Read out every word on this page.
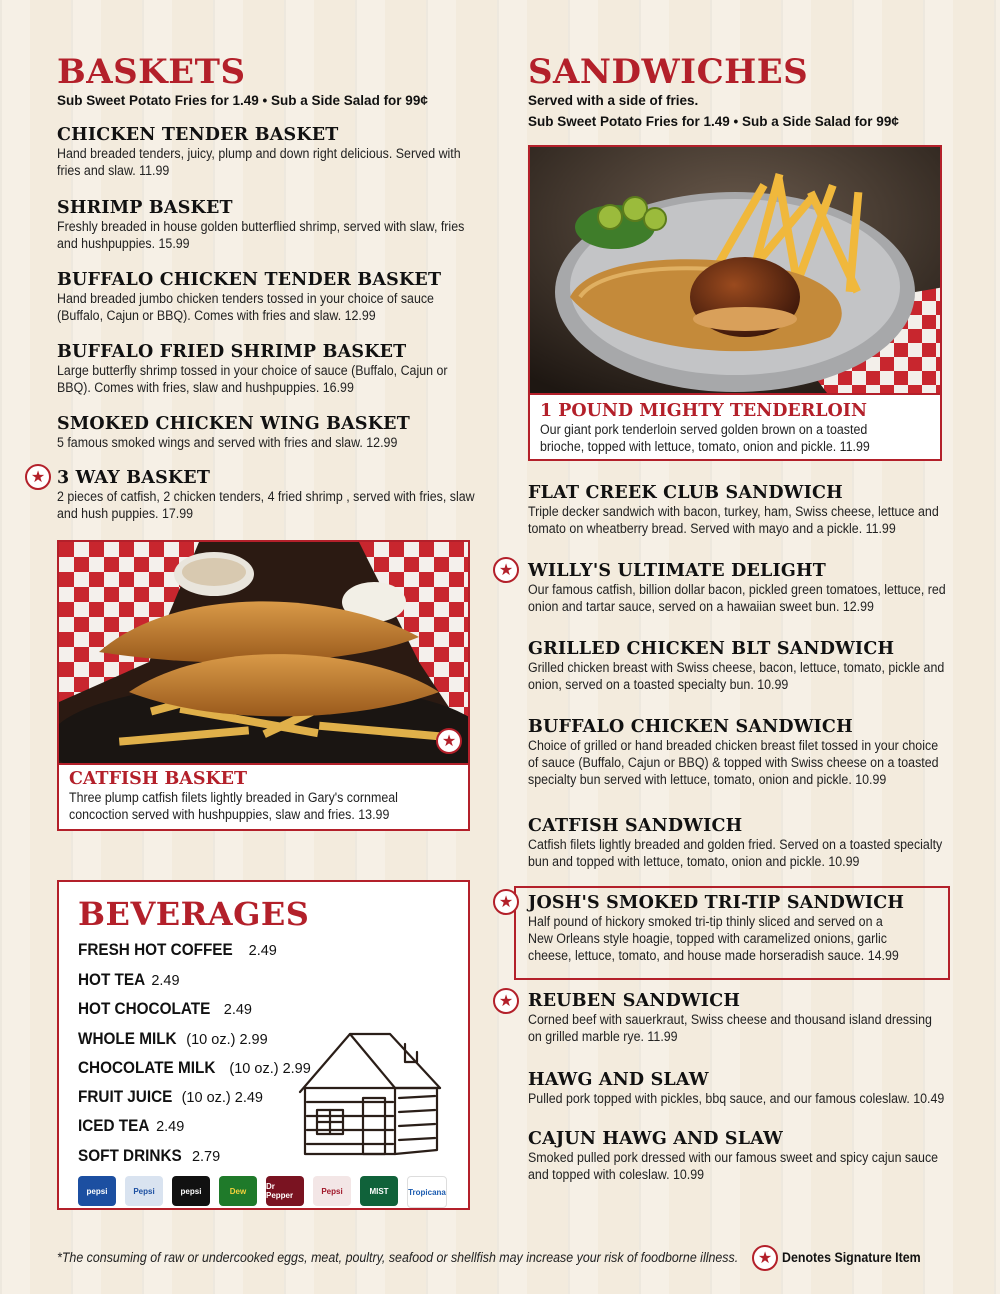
BASKETS
Sub Sweet Potato Fries for 1.49 • Sub a Side Salad for 99¢
CHICKEN TENDER BASKET

Hand breaded tenders, juicy, plump and down right delicious. Served with fries and slaw. 11.99

SHRIMP BASKET

Freshly breaded in house golden butterflied shrimp, served with slaw, fries and hushpuppies. 15.99

BUFFALO CHICKEN TENDER BASKET

Hand breaded jumbo chicken tenders tossed in your choice of sauce (Buffalo, Cajun or BBQ). Comes with fries and slaw. 12.99

BUFFALO FRIED SHRIMP BASKET

Large butterfly shrimp tossed in your choice of sauce (Buffalo, Cajun or BBQ). Comes with fries, slaw and hushpuppies. 16.99

SMOKED CHICKEN WING BASKET

5 famous smoked wings and served with fries and slaw. 12.99

★ 3 WAY BASKET

2 pieces of catfish, 2 chicken tenders, 4 fried shrimp , served with fries, slaw and hush puppies. 17.99

★
CATFISH BASKET

Three plump catfish filets lightly breaded in Gary's cornmeal concoction served with hushpuppies, slaw and fries. 13.99

BEVERAGES
FRESH HOT COFFEE 2.49
HOT TEA 2.49
HOT CHOCOLATE 2.49
WHOLE MILK (10 oz.) 2.99
CHOCOLATE MILK (10 oz.) 2.99
FRUIT JUICE (10 oz.) 2.49
ICED TEA 2.49
SOFT DRINKS 2.79
pepsi	Pepsi	pepsi	Dew	Dr Pepper	Pepsi	MIST	Tropicana
SANDWICHES
Served with a side of fries.
Sub Sweet Potato Fries for 1.49 • Sub a Side Salad for 99¢
1 POUND MIGHTY TENDERLOIN

Our giant pork tenderloin served golden brown on a toasted brioche, topped with lettuce, tomato, onion and pickle. 11.99

FLAT CREEK CLUB SANDWICH

Triple decker sandwich with bacon, turkey, ham, Swiss cheese, lettuce and tomato on wheatberry bread. Served with mayo and a pickle. 11.99

★ WILLY'S ULTIMATE DELIGHT

Our famous catfish, billion dollar bacon, pickled green tomatoes, lettuce, red onion and tartar sauce, served on a hawaiian sweet bun. 12.99

GRILLED CHICKEN BLT SANDWICH

Grilled chicken breast with Swiss cheese, bacon, lettuce, tomato, pickle and onion, served on a toasted specialty bun. 10.99

BUFFALO CHICKEN SANDWICH

Choice of grilled or hand breaded chicken breast filet tossed in your choice of sauce (Buffalo, Cajun or BBQ) & topped with Swiss cheese on a toasted specialty bun served with lettuce, tomato, onion and pickle. 10.99

CATFISH SANDWICH

Catfish filets lightly breaded and golden fried. Served on a toasted specialty bun and topped with lettuce, tomato, onion and pickle. 10.99

★ JOSH'S SMOKED TRI-TIP SANDWICH

Half pound of hickory smoked tri-tip thinly sliced and served on a New Orleans style hoagie, topped with caramelized onions, garlic cheese, lettuce, tomato, and house made horseradish sauce. 14.99

★ REUBEN SANDWICH

Corned beef with sauerkraut, Swiss cheese and thousand island dressing on grilled marble rye. 11.99

HAWG AND SLAW

Pulled pork topped with pickles, bbq sauce, and our famous coleslaw. 10.49

CAJUN HAWG AND SLAW

Smoked pulled pork dressed with our famous sweet and spicy cajun sauce and topped with coleslaw. 10.99

*The consuming of raw or undercooked eggs, meat, poultry, seafood or shellfish may increase your risk of foodborne illness. ★ Denotes Signature Item
